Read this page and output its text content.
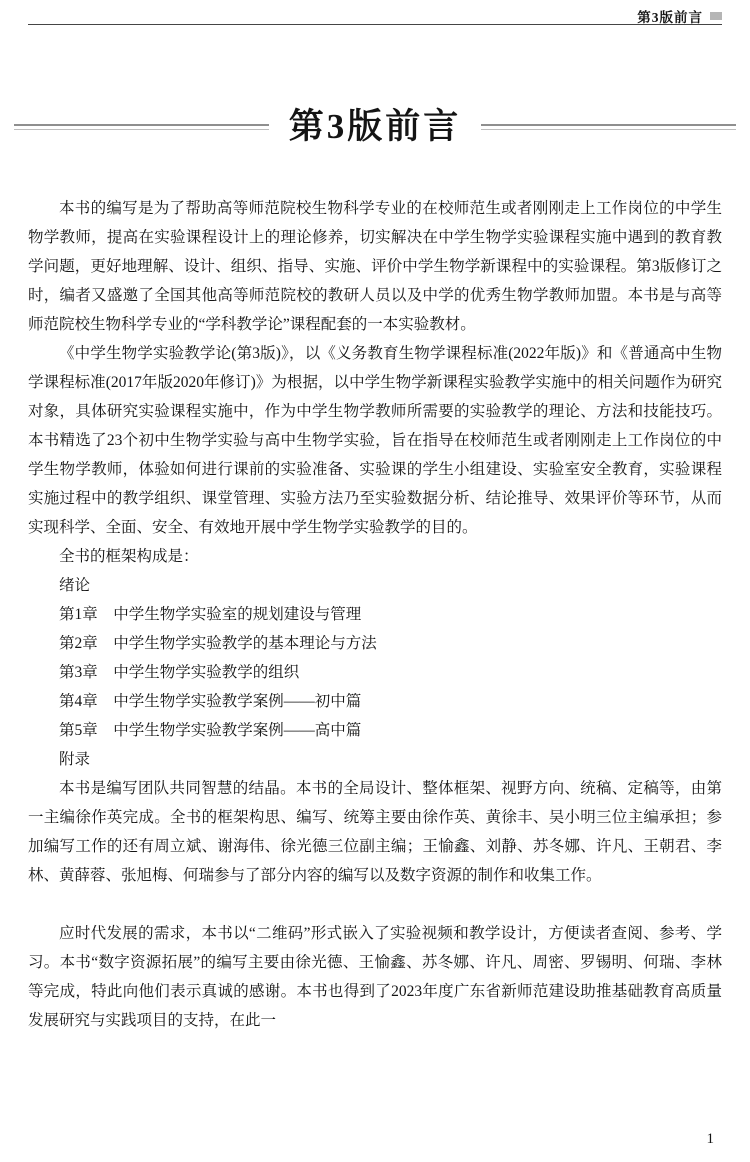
第3版前言
第3版前言

本书的编写是为了帮助高等师范院校生物科学专业的在校师范生或者刚刚走上工作岗位的中学生物学教师，提高在实验课程设计上的理论修养，切实解决在中学生物学实验课程实施中遇到的教育教学问题，更好地理解、设计、组织、指导、实施、评价中学生物学新课程中的实验课程。第3版修订之时，编者又盛邀了全国其他高等师范院校的教研人员以及中学的优秀生物学教师加盟。本书是与高等师范院校生物科学专业的“学科教学论”课程配套的一本实验教材。

《中学生物学实验教学论(第3版)》，以《义务教育生物学课程标准(2022年版)》和《普通高中生物学课程标准(2017年版2020年修订)》为根据，以中学生物学新课程实验教学实施中的相关问题作为研究对象，具体研究实验课程实施中，作为中学生物学教师所需要的实验教学的理论、方法和技能技巧。本书精选了23个初中生物学实验与高中生物学实验，旨在指导在校师范生或者刚刚走上工作岗位的中学生物学教师，体验如何进行课前的实验准备、实验课的学生小组建设、实验室安全教育，实验课程实施过程中的教学组织、课堂管理、实验方法乃至实验数据分析、结论推导、效果评价等环节，从而实现科学、全面、安全、有效地开展中学生物学实验教学的目的。

全书的框架构成是：

绪论
第1章　中学生物学实验室的规划建设与管理
第2章　中学生物学实验教学的基本理论与方法
第3章　中学生物学实验教学的组织
第4章　中学生物学实验教学案例——初中篇
第5章　中学生物学实验教学案例——高中篇
附录

本书是编写团队共同智慧的结晶。本书的全局设计、整体框架、视野方向、统稿、定稿等，由第一主编徐作英完成。全书的框架构思、编写、统筹主要由徐作英、黄徐丰、吴小明三位主编承担；参加编写工作的还有周立斌、谢海伟、徐光德三位副主编；王愉鑫、刘静、苏冬娜、许凡、王朝君、李林、黄薛蓉、张旭梅、何瑞参与了部分内容的编写以及数字资源的制作和收集工作。

应时代发展的需求，本书以“二维码”形式嵌入了实验视频和教学设计，方便读者查阅、参考、学习。本书“数字资源拓展”的编写主要由徐光德、王愉鑫、苏冬娜、许凡、周密、罗锡明、何瑞、李林等完成，特此向他们表示真诚的感谢。本书也得到了2023年度广东省新师范建设助推基础教育高质量发展研究与实践项目的支持，在此一

1
